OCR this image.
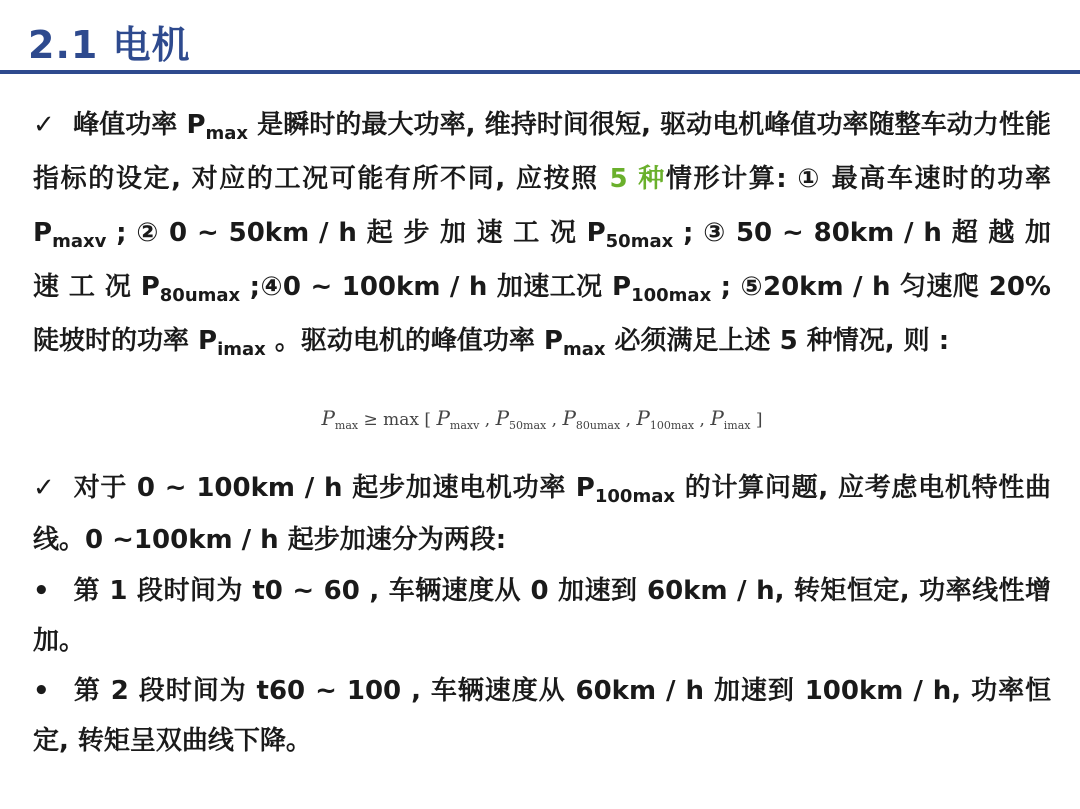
2.1 电机

✓ 峰值功率 $P_{max}$ 是瞬时的最大功率, 维持时间很短, 驱动电机峰值功率随整车动力性能指标的设定, 对应的工况可能有所不同, 应按照 5 种情形计算: ① 最高车速时的功率 $P_{maxv}$ ; ② 0 ~ 50km / h 起 步 加 速 工 况 $P_{50max}$ ; ③ 50 ~ 80km / h 超 越 加 速 工 况 $P_{80umax}$ ;④0 ~ 100km / h 加速工况 $P_{100max}$ ; ⑤20km / h 匀速爬 20%陡坡时的功率 $P_{imax}$ 。驱动电机的峰值功率 $P_{max}$ 必须满足上述 5 种情况, 则 :

$P_{max} \ge \max$ [ $P_{maxv}$ , $P_{50max}$ , $P_{80umax}$ , $P_{100max}$ , $P_{imax}$ ]

✓ 对于 0 ~ 100km / h 起步加速电机功率 $P_{100max}$ 的计算问题, 应考虑电机特性曲线。0 ~100km / h 起步加速分为两段:

• 第 1 段时间为 t0 ~ 60 , 车辆速度从 0 加速到 60km / h, 转矩恒定, 功率线性增加。

• 第 2 段时间为 t60 ~ 100 , 车辆速度从 60km / h 加速到 100km / h, 功率恒定, 转矩呈双曲线下降。
